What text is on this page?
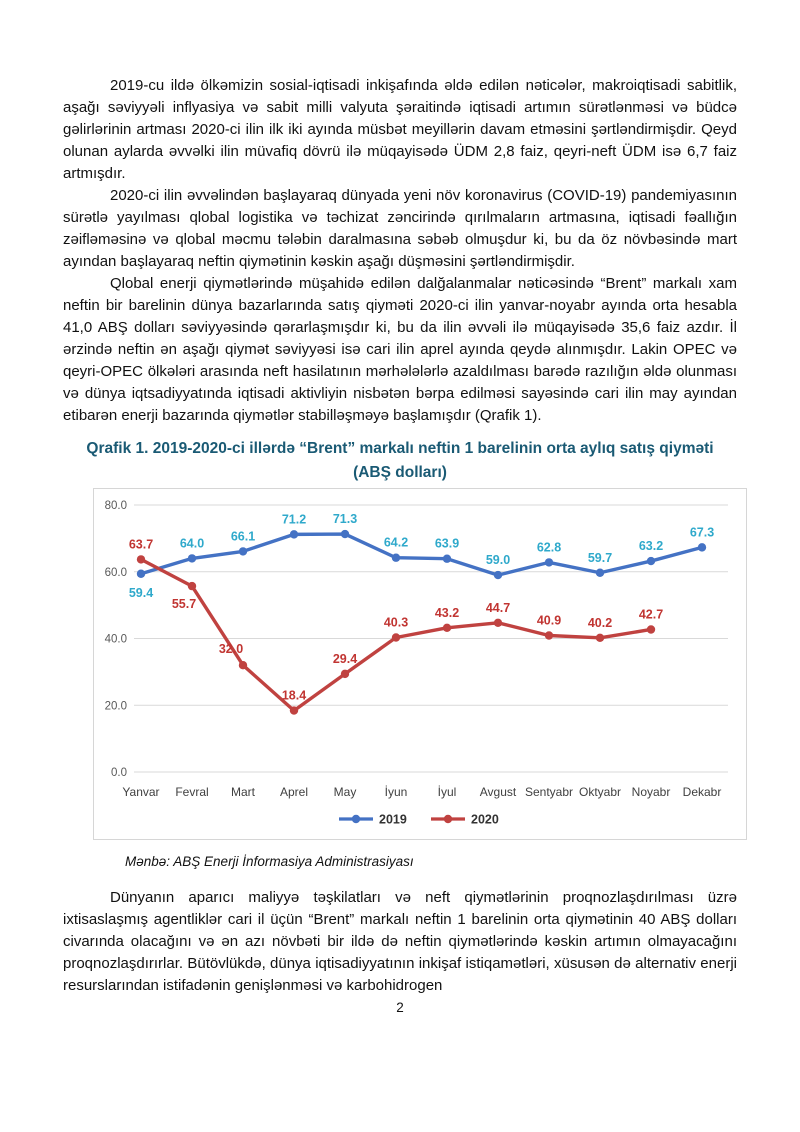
2019-cu ildə ölkəmizin sosial-iqtisadi inkişafında əldə edilən nəticələr, makroiqtisadi sabitlik, aşağı səviyyəli inflyasiya və sabit milli valyuta şəraitində iqtisadi artımın sürətlənməsi və büdcə gəlirlərinin artması 2020-ci ilin ilk iki ayında müsbət meyillərin davam etməsini şərtləndirmişdir. Qeyd olunan aylarda əvvəlki ilin müvafiq dövrü ilə müqayisədə ÜDM 2,8 faiz, qeyri-neft ÜDM isə 6,7 faiz artmışdır.

2020-ci ilin əvvəlindən başlayaraq dünyada yeni növ koronavirus (COVID-19) pandemiyasının sürətlə yayılması qlobal logistika və təchizat zəncirində qırılmaların artmasına, iqtisadi fəallığın zəifləməsinə və qlobal məcmu tələbin daralmasına səbəb olmuşdur ki, bu da öz növbəsində mart ayından başlayaraq neftin qiymətinin kəskin aşağı düşməsini şərtləndirmişdir.

Qlobal enerji qiymətlərində müşahidə edilən dalğalanmalar nəticəsində “Brent” markalı xam neftin bir barelinin dünya bazarlarında satış qiyməti 2020-ci ilin yanvar-noyabr ayında orta hesabla 41,0 ABŞ dolları səviyyəsində qərarlaşmışdır ki, bu da ilin əvvəli ilə müqayisədə 35,6 faiz azdır. İl ərzində neftin ən aşağı qiymət səviyyəsi isə cari ilin aprel ayında qeydə alınmışdır. Lakin OPEC və qeyri-OPEC ölkələri arasında neft hasilatının mərhələlərlə azaldılması barədə razılığın əldə olunması və dünya iqtsadiyyatında iqtisadi aktivliyin nisbətən bərpa edilməsi sayəsində cari ilin may ayından etibarən enerji bazarında qiymətlər stabilləşməyə başlamışdır (Qrafik 1).

Qrafik 1. 2019-2020-ci illərdə “Brent” markalı neftin 1 barelinin orta aylıq satış qiyməti
(ABŞ dolları)
80.0
60.0
40.0
20.0
0.0
Yanvar Fevral Mart Aprel May İyun	İyul Avgust Sentyabr Oktyabr Noyabr Dekabr
59.4
64.0
66.1
71.2 71.3
64.2 63.9
59.0
62.8
59.7
63.2
67.3
63.7
55.7
32.0
18.4
29.4
40.3
43.2 44.7
40.9 40.2
42.7
2019	2020

Mənbə: ABŞ Enerji İnformasiya Administrasiyası

Dünyanın aparıcı maliyyə təşkilatları və neft qiymətlərinin proqnozlaşdırılması üzrə ixtisaslaşmış agentliklər cari il üçün “Brent” markalı neftin 1 barelinin orta qiymətinin 40 ABŞ dolları civarında olacağını və ən azı növbəti bir ildə də neftin qiymətlərində kəskin artımın olmayacağını proqnozlaşdırırlar. Bütövlükdə, dünya iqtisadiyyatının inkişaf istiqamətləri, xüsusən də alternativ enerji resurslarından istifadənin genişlənməsi və karbohidrogen

2
